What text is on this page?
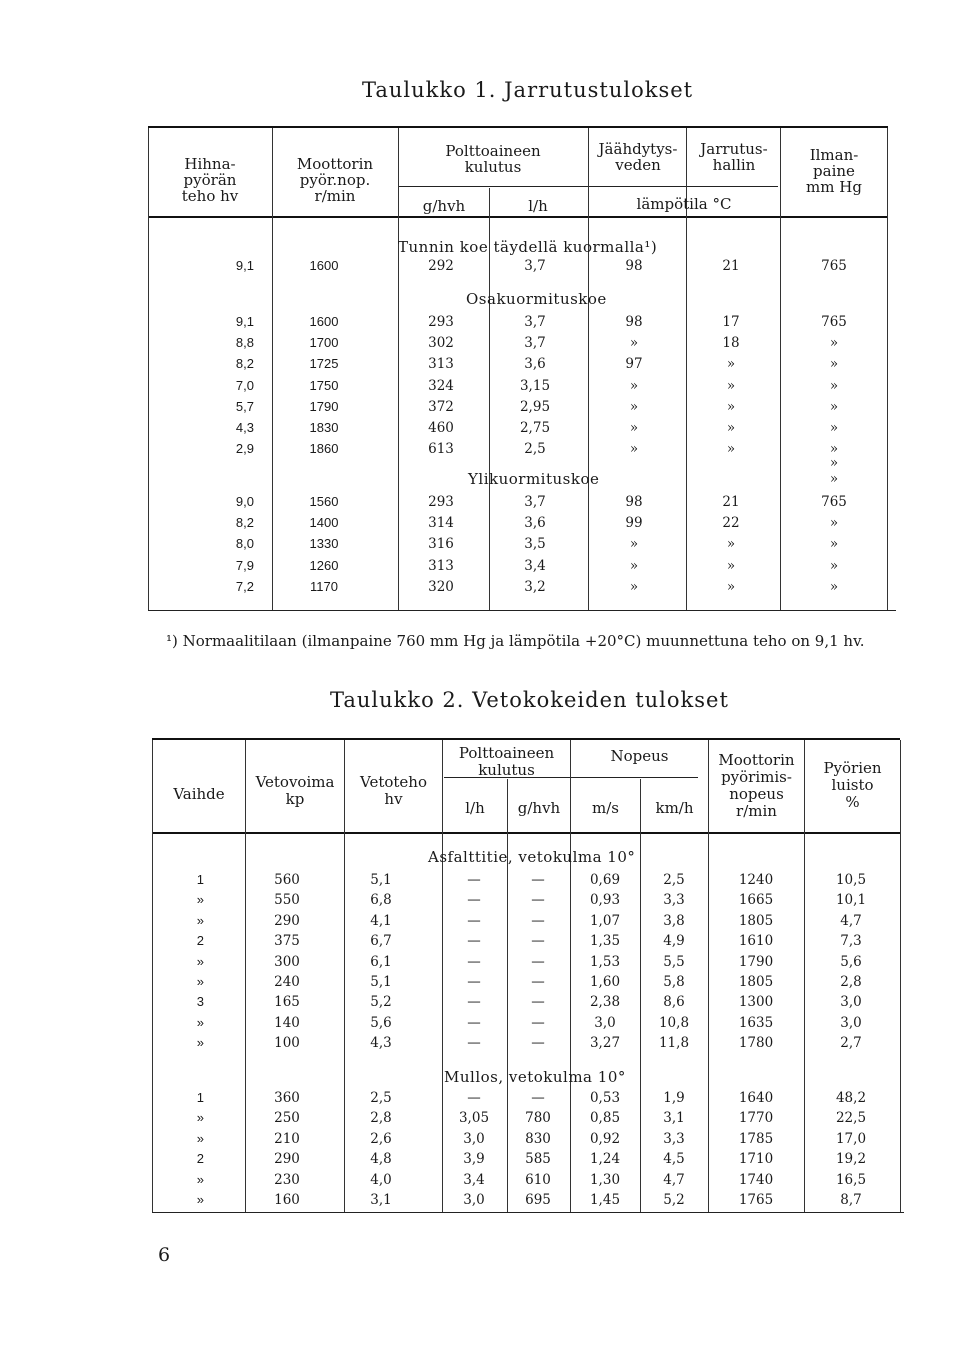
Taulukko 1. Jarrutustulokset
Hihna-
pyörän
teho hv
Moottorin
pyör.nop.
r/min
Polttoaineen
kulutus
g/hvh	l/h
Jäähdytys-
veden
Jarrutus-
hallin
lämpötila °C
Ilman-
paine
mm Hg
Tunnin koe täydellä kuormalla¹)
9,1	1600	292	3,7	98	21	765
Osakuormituskoe
9,1	1600	293	3,7	98	17	765
8,8	1700	302	3,7	»	18	»
8,2	1725	313	3,6	97	»	»
7,0	1750	324	3,15	»	»	»
5,7	1790	372	2,95	»	»	»
4,3	1830	460	2,75	»	»	»
2,9	1860	613	2,5	»	»	»
»
»
Ylikuormituskoe
9,0	1560	293	3,7	98	21	765
8,2	1400	314	3,6	99	22	»
8,0	1330	316	3,5	»	»	»
7,9	1260	313	3,4	»	»	»
7,2	1170	320	3,2	»	»	»
¹) Normaalitilaan (ilmanpaine 760 mm Hg ja lämpötila +20°C) muunnettuna teho on 9,1 hv.
Taulukko 2. Vetokokeiden tulokset
Vaihde
Vetovoima
kp
Vetoteho
hv
Polttoaineen
kulutus
l/h	g/hvh
Nopeus
m/s	km/h
Moottorin
pyörimis-
nopeus
r/min
Pyörien
luisto
%
Asfalttitie, vetokulma 10°
1	560	5,1	—	—	0,69	2,5	1240	10,5
»	550	6,8	—	—	0,93	3,3	1665	10,1
»	290	4,1	—	—	1,07	3,8	1805	4,7
2	375	6,7	—	—	1,35	4,9	1610	7,3
»	300	6,1	—	—	1,53	5,5	1790	5,6
»	240	5,1	—	—	1,60	5,8	1805	2,8
3	165	5,2	—	—	2,38	8,6	1300	3,0
»	140	5,6	—	—	3,0	10,8	1635	3,0
»	100	4,3	—	—	3,27	11,8	1780	2,7
Mullos, vetokulma 10°
1	360	2,5	—	—	0,53	1,9	1640	48,2
»	250	2,8	3,05	780	0,85	3,1	1770	22,5
»	210	2,6	3,0	830	0,92	3,3	1785	17,0
2	290	4,8	3,9	585	1,24	4,5	1710	19,2
»	230	4,0	3,4	610	1,30	4,7	1740	16,5
»	160	3,1	3,0	695	1,45	5,2	1765	8,7
6
